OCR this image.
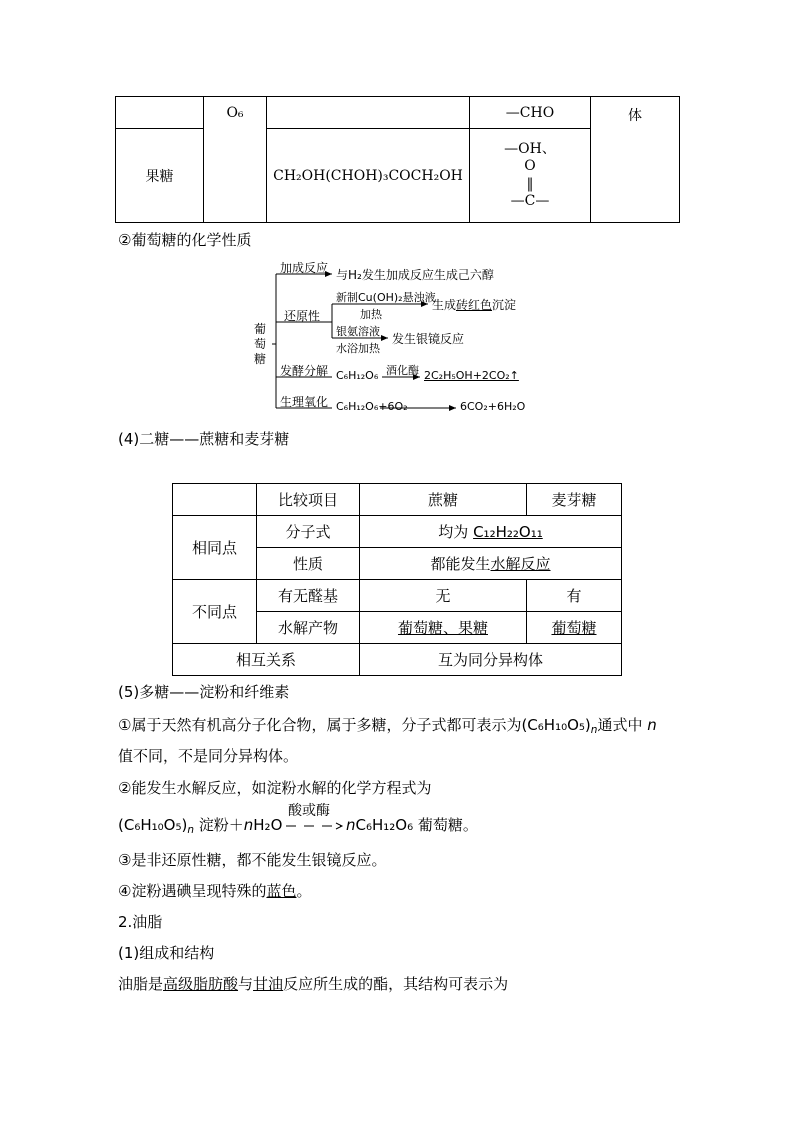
	O₆		—CHO	体
果糖		CH₂OH(CHOH)₃COCH₂OH	—OH、
O
‖
—C—	
②葡萄糖的化学性质
葡萄糖
加成反应 与H₂发生加成反应生成己六醇
还原性
新制Cu(OH)₂悬浊液
加热
生成砖红色沉淀
银氨溶液
水浴加热
发生银镜反应
发酵分解 C₆H₁₂O₆ 酒化酶 2C₂H₅OH+2CO₂↑
生理氧化 C₆H₁₂O₆+6O₂	6CO₂+6H₂O
(4)二糖——蔗糖和麦芽糖
	比较项目	蔗糖	麦芽糖
相同点	分子式	均为 C₁₂H₂₂O₁₁	
	性质	都能发生水解反应	
不同点	有无醛基	无	有
	水解产物	葡萄糖、果糖	葡萄糖
相互关系		互为同分异构体	
(5)多糖——淀粉和纤维素
①属于天然有机高分子化合物，属于多糖，分子式都可表示为$(C_6H_{10}O_5)_n$通式中 n
值不同，不是同分异构体。
②能发生水解反应，如淀粉水解的化学方程式为
$(C_6H_{10}O_5)_n$ 淀粉＋nH₂O
酸或酶
nC₆H₁₂O₆ 葡萄糖。
③是非还原性糖，都不能发生银镜反应。
④淀粉遇碘呈现特殊的蓝色。
2.油脂
(1)组成和结构
油脂是高级脂肪酸与甘油反应所生成的酯，其结构可表示为
